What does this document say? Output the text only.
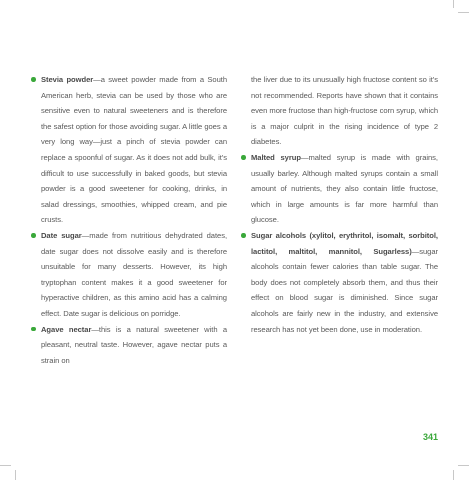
Stevia powder—a sweet powder made from a South American herb, stevia can be used by those who are sensitive even to natural sweeteners and is therefore the safest option for those avoiding sugar. A little goes a very long way—just a pinch of stevia powder can replace a spoonful of sugar. As it does not add bulk, it's difficult to use successfully in baked goods, but stevia powder is a good sweetener for cooking, drinks, in salad dressings, smoothies, whipped cream, and pie crusts.
Date sugar—made from nutritious dehydrated dates, date sugar does not dissolve easily and is therefore unsuitable for many desserts. However, its high tryptophan content makes it a good sweetener for hyperactive children, as this amino acid has a calming effect. Date sugar is delicious on porridge.
Agave nectar—this is a natural sweetener with a pleasant, neutral taste. However, agave nectar puts a strain on
the liver due to its unusually high fructose content so it's not recommended. Reports have shown that it contains even more fructose than high-fructose corn syrup, which is a major culprit in the rising incidence of type 2 diabetes.
Malted syrup—malted syrup is made with grains, usually barley. Although malted syrups contain a small amount of nutrients, they also contain little fructose, which in large amounts is far more harmful than glucose.
Sugar alcohols (xylitol, erythritol, isomalt, sorbitol, lactitol, maltitol, mannitol, Sugarless)—sugar alcohols contain fewer calories than table sugar. The body does not completely absorb them, and thus their effect on blood sugar is diminished. Since sugar alcohols are fairly new in the industry, and extensive research has not yet been done, use in moderation.
341
